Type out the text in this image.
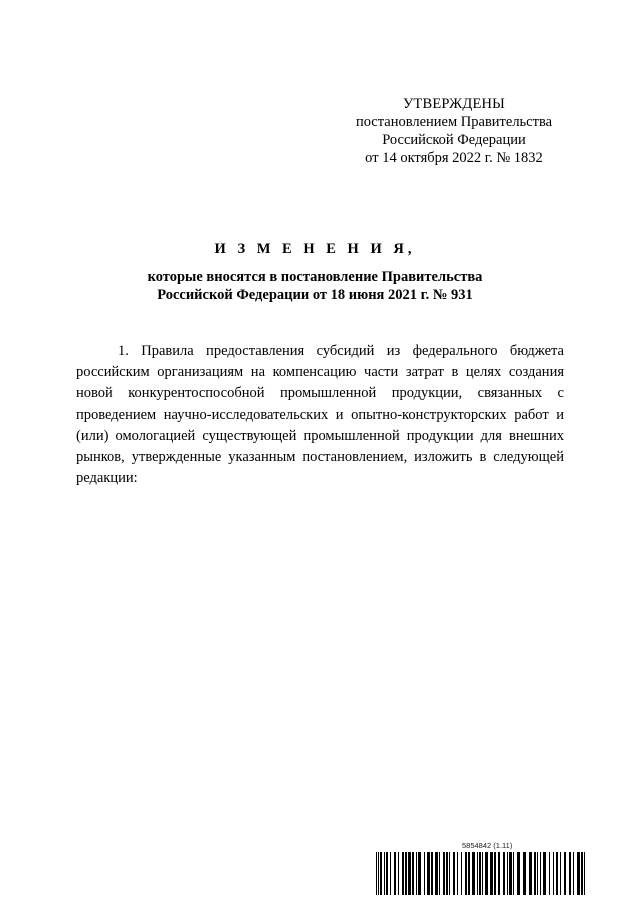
УТВЕРЖДЕНЫ
постановлением Правительства
Российской Федерации
от 14 октября 2022 г. № 1832
И З М Е Н Е Н И Я,
которые вносятся в постановление Правительства
Российской Федерации от 18 июня 2021 г. № 931
1. Правила предоставления субсидий из федерального бюджета российским организациям на компенсацию части затрат в целях создания новой конкурентоспособной промышленной продукции, связанных с проведением научно-исследовательских и опытно-конструкторских работ и (или) омологацией существующей промышленной продукции для внешних рынков, утвержденные указанным постановлением, изложить в следующей редакции:
5854842 (1.11)
